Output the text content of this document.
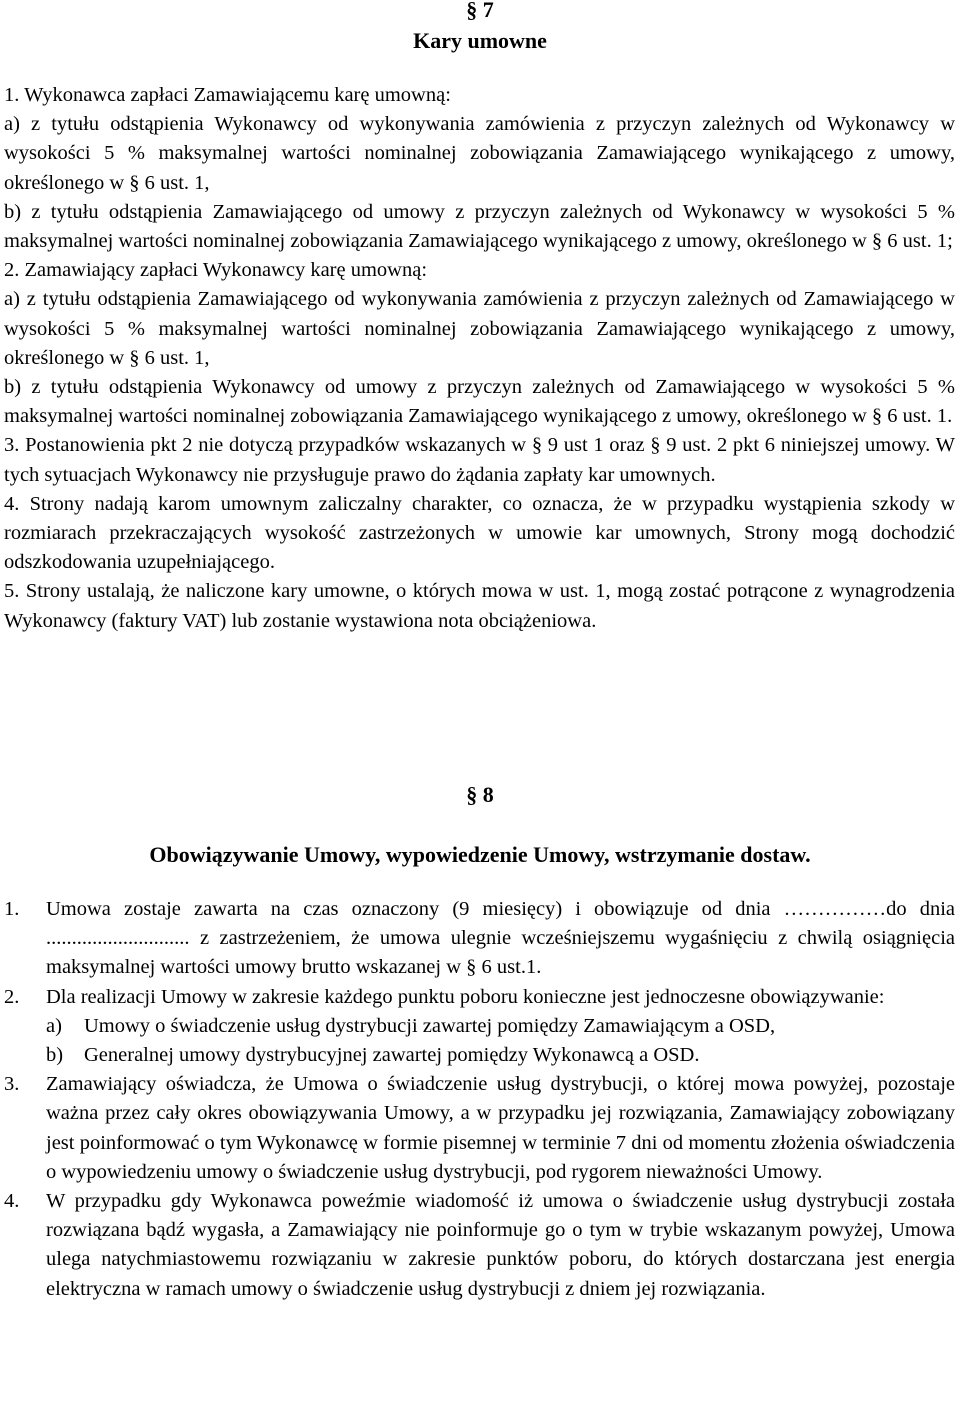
§ 7
Kary umowne

1. Wykonawca zapłaci Zamawiającemu karę umowną:

a) z tytułu odstąpienia Wykonawcy od wykonywania zamówienia z przyczyn zależnych od Wykonawcy w wysokości 5 % maksymalnej wartości nominalnej zobowiązania Zamawiającego wynikającego z umowy, określonego w § 6 ust. 1,

b) z tytułu odstąpienia Zamawiającego od umowy z przyczyn zależnych od Wykonawcy w wysokości 5 % maksymalnej wartości nominalnej zobowiązania Zamawiającego wynikającego z umowy, określonego w § 6 ust. 1;

2. Zamawiający zapłaci Wykonawcy karę umowną:

a) z tytułu odstąpienia Zamawiającego od wykonywania zamówienia z przyczyn zależnych od Zamawiającego w wysokości 5 % maksymalnej wartości nominalnej zobowiązania Zamawiającego wynikającego z umowy, określonego w § 6 ust. 1,

b) z tytułu odstąpienia Wykonawcy od umowy z przyczyn zależnych od Zamawiającego w wysokości 5 % maksymalnej wartości nominalnej zobowiązania Zamawiającego wynikającego z umowy, określonego w § 6 ust. 1.

3. Postanowienia pkt 2 nie dotyczą przypadków wskazanych w § 9 ust 1 oraz § 9 ust. 2 pkt 6 niniejszej umowy. W tych sytuacjach Wykonawcy nie przysługuje prawo do żądania zapłaty kar umownych.

4. Strony nadają karom umownym zaliczalny charakter, co oznacza, że w przypadku wystąpienia szkody w rozmiarach przekraczających wysokość zastrzeżonych w umowie kar umownych, Strony mogą dochodzić odszkodowania uzupełniającego.

5. Strony ustalają, że naliczone kary umowne, o których mowa w ust. 1, mogą zostać potrącone z wynagrodzenia Wykonawcy (faktury VAT) lub zostanie wystawiona nota obciążeniowa.

§ 8
Obowiązywanie Umowy, wypowiedzenie Umowy, wstrzymanie dostaw.
1. Umowa zostaje zawarta na czas oznaczony (9 miesięcy) i obowiązuje od dnia ……………do dnia ............................ z zastrzeżeniem, że umowa ulegnie wcześniejszemu wygaśnięciu z chwilą osiągnięcia maksymalnej wartości umowy brutto wskazanej w § 6 ust.1.
2. Dla realizacji Umowy w zakresie każdego punktu poboru konieczne jest jednoczesne obowiązywanie:
a) Umowy o świadczenie usług dystrybucji zawartej pomiędzy Zamawiającym a OSD,
b) Generalnej umowy dystrybucyjnej zawartej pomiędzy Wykonawcą a OSD.
3. Zamawiający oświadcza, że Umowa o świadczenie usług dystrybucji, o której mowa powyżej, pozostaje ważna przez cały okres obowiązywania Umowy, a w przypadku jej rozwiązania, Zamawiający zobowiązany jest poinformować o tym Wykonawcę w formie pisemnej w terminie 7 dni od momentu złożenia oświadczenia o wypowiedzeniu umowy o świadczenie usług dystrybucji, pod rygorem nieważności Umowy.
4. W przypadku gdy Wykonawca poweźmie wiadomość iż umowa o świadczenie usług dystrybucji została rozwiązana bądź wygasła, a Zamawiający nie poinformuje go o tym w trybie wskazanym powyżej, Umowa ulega natychmiastowemu rozwiązaniu w zakresie punktów poboru, do których dostarczana jest energia elektryczna w ramach umowy o świadczenie usług dystrybucji z dniem jej rozwiązania.
